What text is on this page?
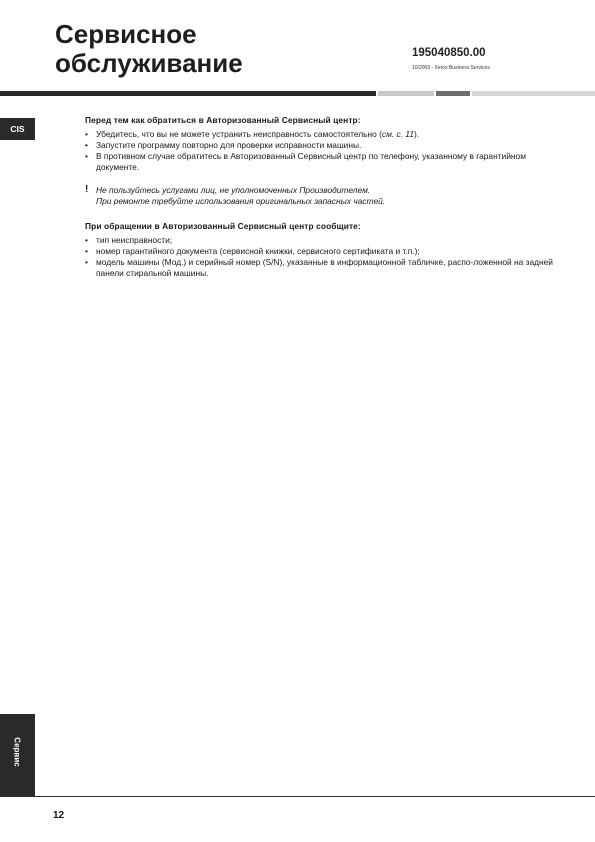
Сервисное
обслуживание	195040850.00
10/2003 - Xerox Business Services
CIS

Перед тем как обратиться в Авторизованный Сервисный центр:

• Убедитесь, что вы не можете устранить неисправность самостоятельно (см. с. 11).
• Запустите программу повторно для проверки исправности машины.
• В противном случае обратитесь в Авторизованный Сервисный центр по телефону, указанному в гарантийном документе.
! Не пользуйтесь услугами лиц, не уполномоченных Производителем.
При ремонте требуйте использования оригинальных запасных частей.

При обращении в Авторизованный Сервисный центр сообщите:

• тип неисправности;
• номер гарантийного документа (сервисной книжки, сервисного сертификата и т.п.);
• модель машины (Мод.) и серийный номер (S/N), указанные в информационной табличке, распо-ложенной на задней панели стиральной машины.
Сервис
12
